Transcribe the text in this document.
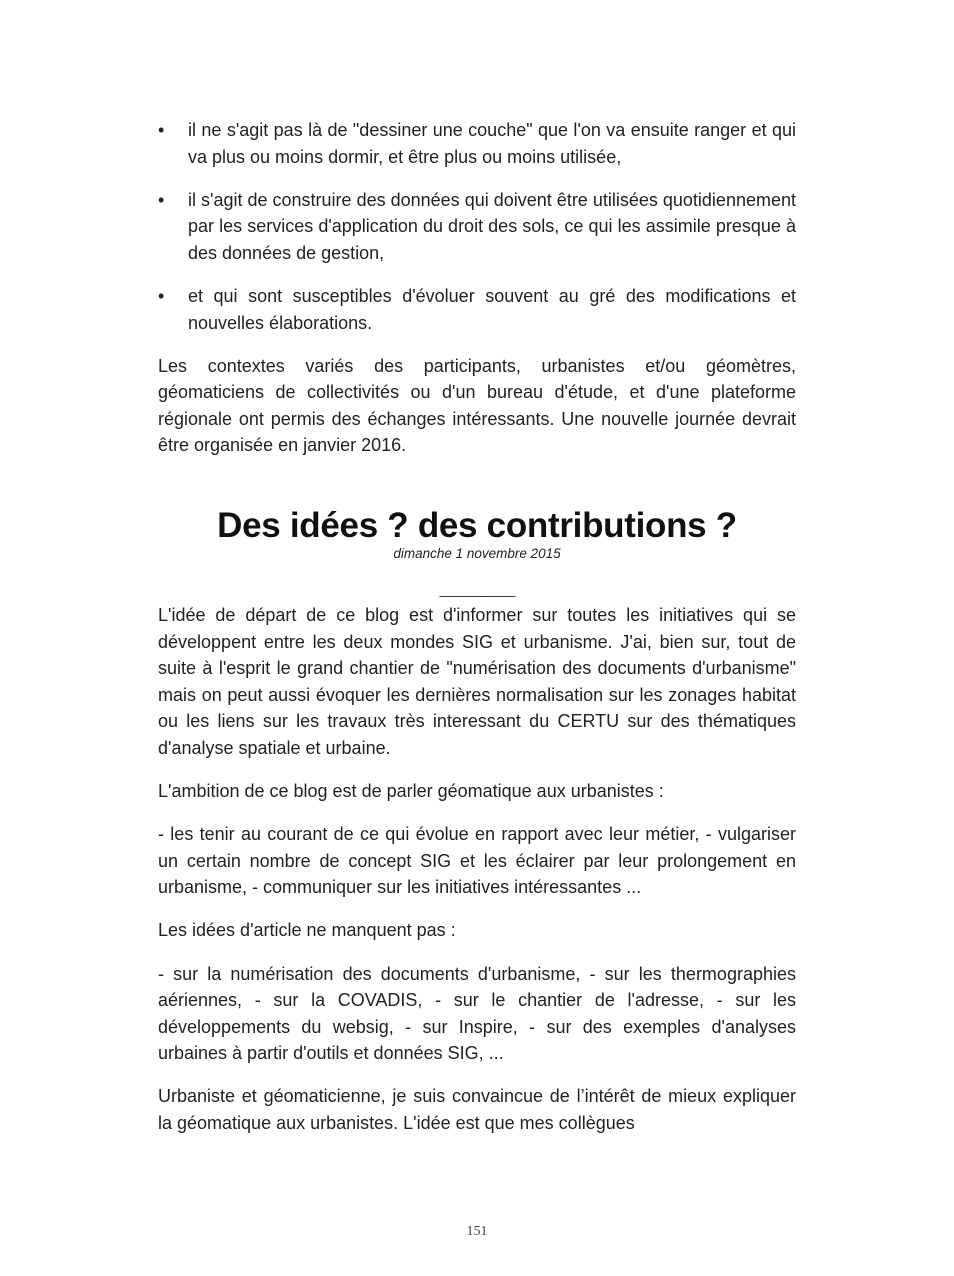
• il ne s'agit pas là de "dessiner une couche" que l'on va ensuite ranger et qui va plus ou moins dormir, et être plus ou moins utilisée,
• il s'agit de construire des données qui doivent être utilisées quotidiennement par les services d'application du droit des sols, ce qui les assimile presque à des données de gestion,
• et qui sont susceptibles d'évoluer souvent au gré des modifications et nouvelles élaborations.

Les contextes variés des participants, urbanistes et/ou géomètres, géomaticiens de collectivités ou d'un bureau d'étude, et d'une plateforme régionale ont permis des échanges intéressants. Une nouvelle journée devrait être organisée en janvier 2016.

Des idées ? des contributions ?
dimanche 1 novembre 2015
___________

L'idée de départ de ce blog est d'informer sur toutes les initiatives qui se développent entre les deux mondes SIG et urbanisme. J'ai, bien sur, tout de suite à l'esprit le grand chantier de "numérisation des documents d'urbanisme" mais on peut aussi évoquer les dernières normalisation sur les zonages habitat ou les liens sur les travaux très interessant du CERTU sur des thématiques d'analyse spatiale et urbaine.

L'ambition de ce blog est de parler géomatique aux urbanistes :

- les tenir au courant de ce qui évolue en rapport avec leur métier, - vulgariser un certain nombre de concept SIG et les éclairer par leur prolongement en urbanisme, - communiquer sur les initiatives intéressantes ...

Les idées d'article ne manquent pas :

- sur la numérisation des documents d'urbanisme, - sur les thermographies aériennes, - sur la COVADIS, - sur le chantier de l'adresse, - sur les développements du websig, - sur Inspire, - sur des exemples d'analyses urbaines à partir d'outils et données SIG, ...

Urbaniste et géomaticienne, je suis convaincue de l’intérêt de mieux expliquer la géomatique aux urbanistes. L'idée est que mes collègues

151
